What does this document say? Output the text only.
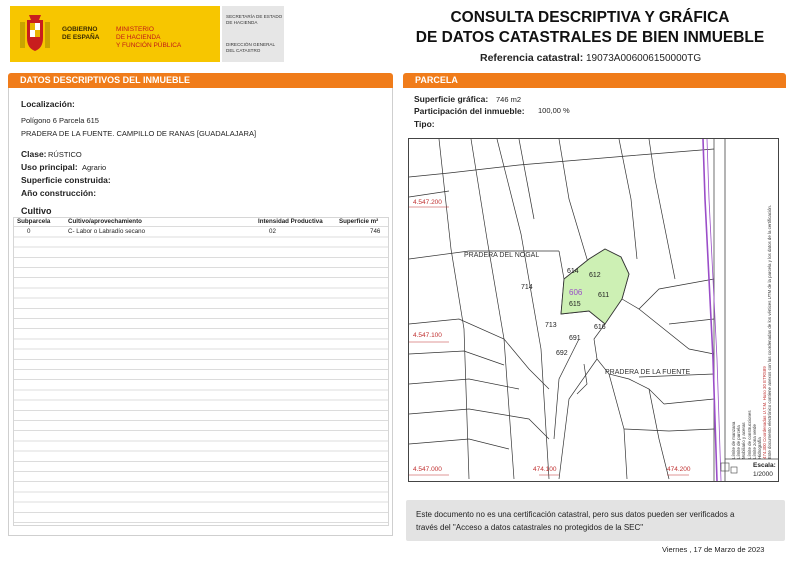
GOBIERNO
DE ESPAÑA
MINISTERIO
DE HACIENDA
Y FUNCIÓN PÚBLICA
SECRETARÍA DE ESTADO
DE HACIENDA
DIRECCIÓN GENERAL
DEL CATASTRO
CONSULTA DESCRIPTIVA Y GRÁFICA
DE DATOS CATASTRALES DE BIEN INMUEBLE
Referencia catastral: 19073A006006150000TG
DATOS DESCRIPTIVOS DEL INMUEBLE
Localización:
Polígono 6 Parcela 615
PRADERA DE LA FUENTE. CAMPILLO DE RANAS [GUADALAJARA]
Clase: RÚSTICO
Uso principal: Agrario
Superficie construida:
Año construcción:
Cultivo
Subparcela	Cultivo/aprovechamiento	Intensidad Productiva	Superficie m²
0	C- Labor o Labradío secano	02	746
PARCELA
Superficie gráfica: 746 m2
Participación del inmueble: 100,00 %
Tipo:
4.547.200
4.547.100
4.547.000	474.100	474.200
PRADERA DEL NOGAL
PRADERA DE LA FUENTE
614
612
714
606
615
611
713	616
691
692
Límite de manzana Límite de parcela Mobiliario y aceras Límite de construcciones Límite zona verde Hidrografía 474.300 Coordenadas U.T.M. Huso 30 ETRS89 Este documento electrónico contiene anexos con las coordenadas de los vértices UTM de la parcela y los datos de la certificación.
Escala:
1/2000
Este documento no es una certificación catastral, pero sus datos pueden ser verificados a
través del "Acceso a datos catastrales no protegidos de la SEC"
Viernes , 17 de Marzo de 2023
